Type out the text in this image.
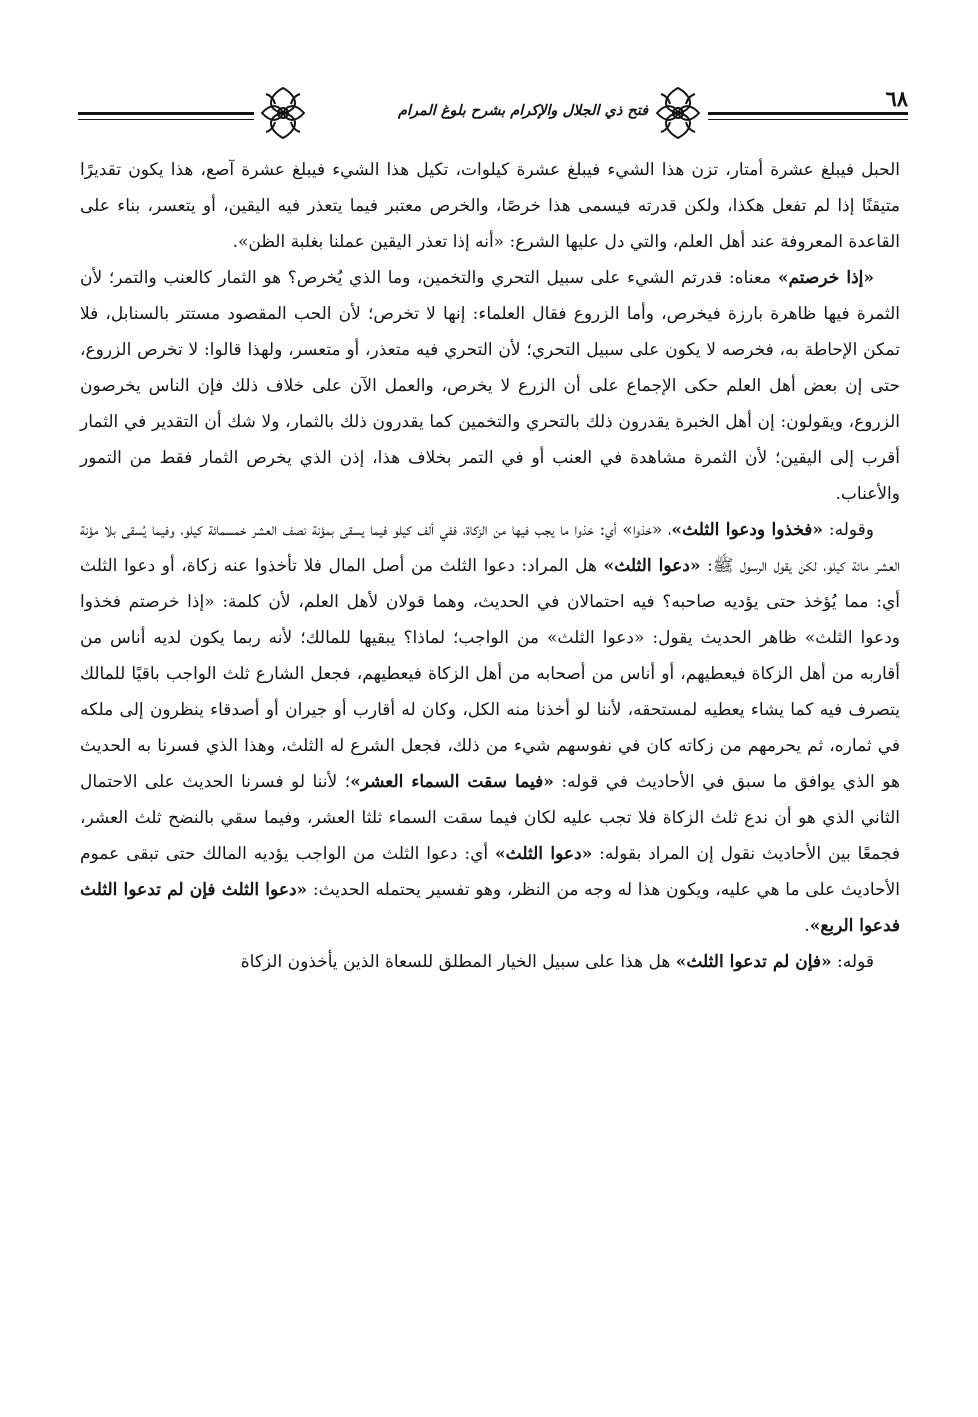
٦٨
فتح ذي الجلال والإكرام بشرح بلوغ المرام

الحبل فيبلغ عشرة أمتار، تزن هذا الشيء فيبلغ عشرة كيلوات، تكيل هذا الشيء فيبلغ عشرة آصع، هذا يكون تقديرًا متيقنًا إذا لم تفعل هكذا، ولكن قدرته فيسمى هذا خرصًا، والخرص معتبر فيما يتعذر فيه اليقين، أو يتعسر، بناء على القاعدة المعروفة عند أهل العلم، والتي دل عليها الشرع: «أنه إذا تعذر اليقين عملنا بغلبة الظن».

«إذا خرصتم» معناه: قدرتم الشيء على سبيل التحري والتخمين، وما الذي يُخرص؟ هو الثمار كالعنب والتمر؛ لأن الثمرة فيها ظاهرة بارزة فيخرص، وأما الزروع فقال العلماء: إنها لا تخرص؛ لأن الحب المقصود مستتر بالسنابل، فلا تمكن الإحاطة به، فخرصه لا يكون على سبيل التحري؛ لأن التحري فيه متعذر، أو متعسر، ولهذا قالوا: لا تخرص الزروع، حتى إن بعض أهل العلم حكى الإجماع على أن الزرع لا يخرص، والعمل الآن على خلاف ذلك فإن الناس يخرصون الزروع، ويقولون: إن أهل الخبرة يقدرون ذلك بالتحري والتخمين كما يقدرون ذلك بالثمار، ولا شك أن التقدير في الثمار أقرب إلى اليقين؛ لأن الثمرة مشاهدة في العنب أو في التمر بخلاف هذا، إذن الذي يخرص الثمار فقط من التمور والأعناب.

وقوله: «فخذوا ودعوا الثلث»، «خذوا» أي: خذوا ما يجب فيها من الزكاة، ففي ألف كيلو فيما يسقى بمؤنة نصف العشر خمسمائة كيلو، وفيما يُسقى بلا مؤنة العشر مائة كيلو، لكن يقول الرسول ﷺ: «دعوا الثلث» هل المراد: دعوا الثلث من أصل المال فلا تأخذوا عنه زكاة، أو دعوا الثلث أي: مما يُؤخذ حتى يؤديه صاحبه؟ فيه احتمالان في الحديث، وهما قولان لأهل العلم، لأن كلمة: «إذا خرصتم فخذوا ودعوا الثلث» ظاهر الحديث يقول: «دعوا الثلث» من الواجب؛ لماذا؟ يبقيها للمالك؛ لأنه ربما يكون لديه أناس من أقاربه من أهل الزكاة فيعطيهم، أو أناس من أصحابه من أهل الزكاة فيعطيهم، فجعل الشارع ثلث الواجب باقيًا للمالك يتصرف فيه كما يشاء يعطيه لمستحقه، لأننا لو أخذنا منه الكل، وكان له أقارب أو جيران أو أصدقاء ينظرون إلى ملكه في ثماره، ثم يحرمهم من زكاته كان في نفوسهم شيء من ذلك، فجعل الشرع له الثلث، وهذا الذي فسرنا به الحديث هو الذي يوافق ما سبق في الأحاديث في قوله: «فيما سقت السماء العشر»؛ لأننا لو فسرنا الحديث على الاحتمال الثاني الذي هو أن ندع ثلث الزكاة فلا تجب عليه لكان فيما سقت السماء ثلثا العشر، وفيما سقي بالنضح ثلث العشر، فجمعًا بين الأحاديث نقول إن المراد بقوله: «دعوا الثلث» أي: دعوا الثلث من الواجب يؤديه المالك حتى تبقى عموم الأحاديث على ما هي عليه، ويكون هذا له وجه من النظر، وهو تفسير يحتمله الحديث: «دعوا الثلث فإن لم تدعوا الثلث فدعوا الربع».

قوله: «فإن لم تدعوا الثلث» هل هذا على سبيل الخيار المطلق للسعاة الذين يأخذون الزكاة
